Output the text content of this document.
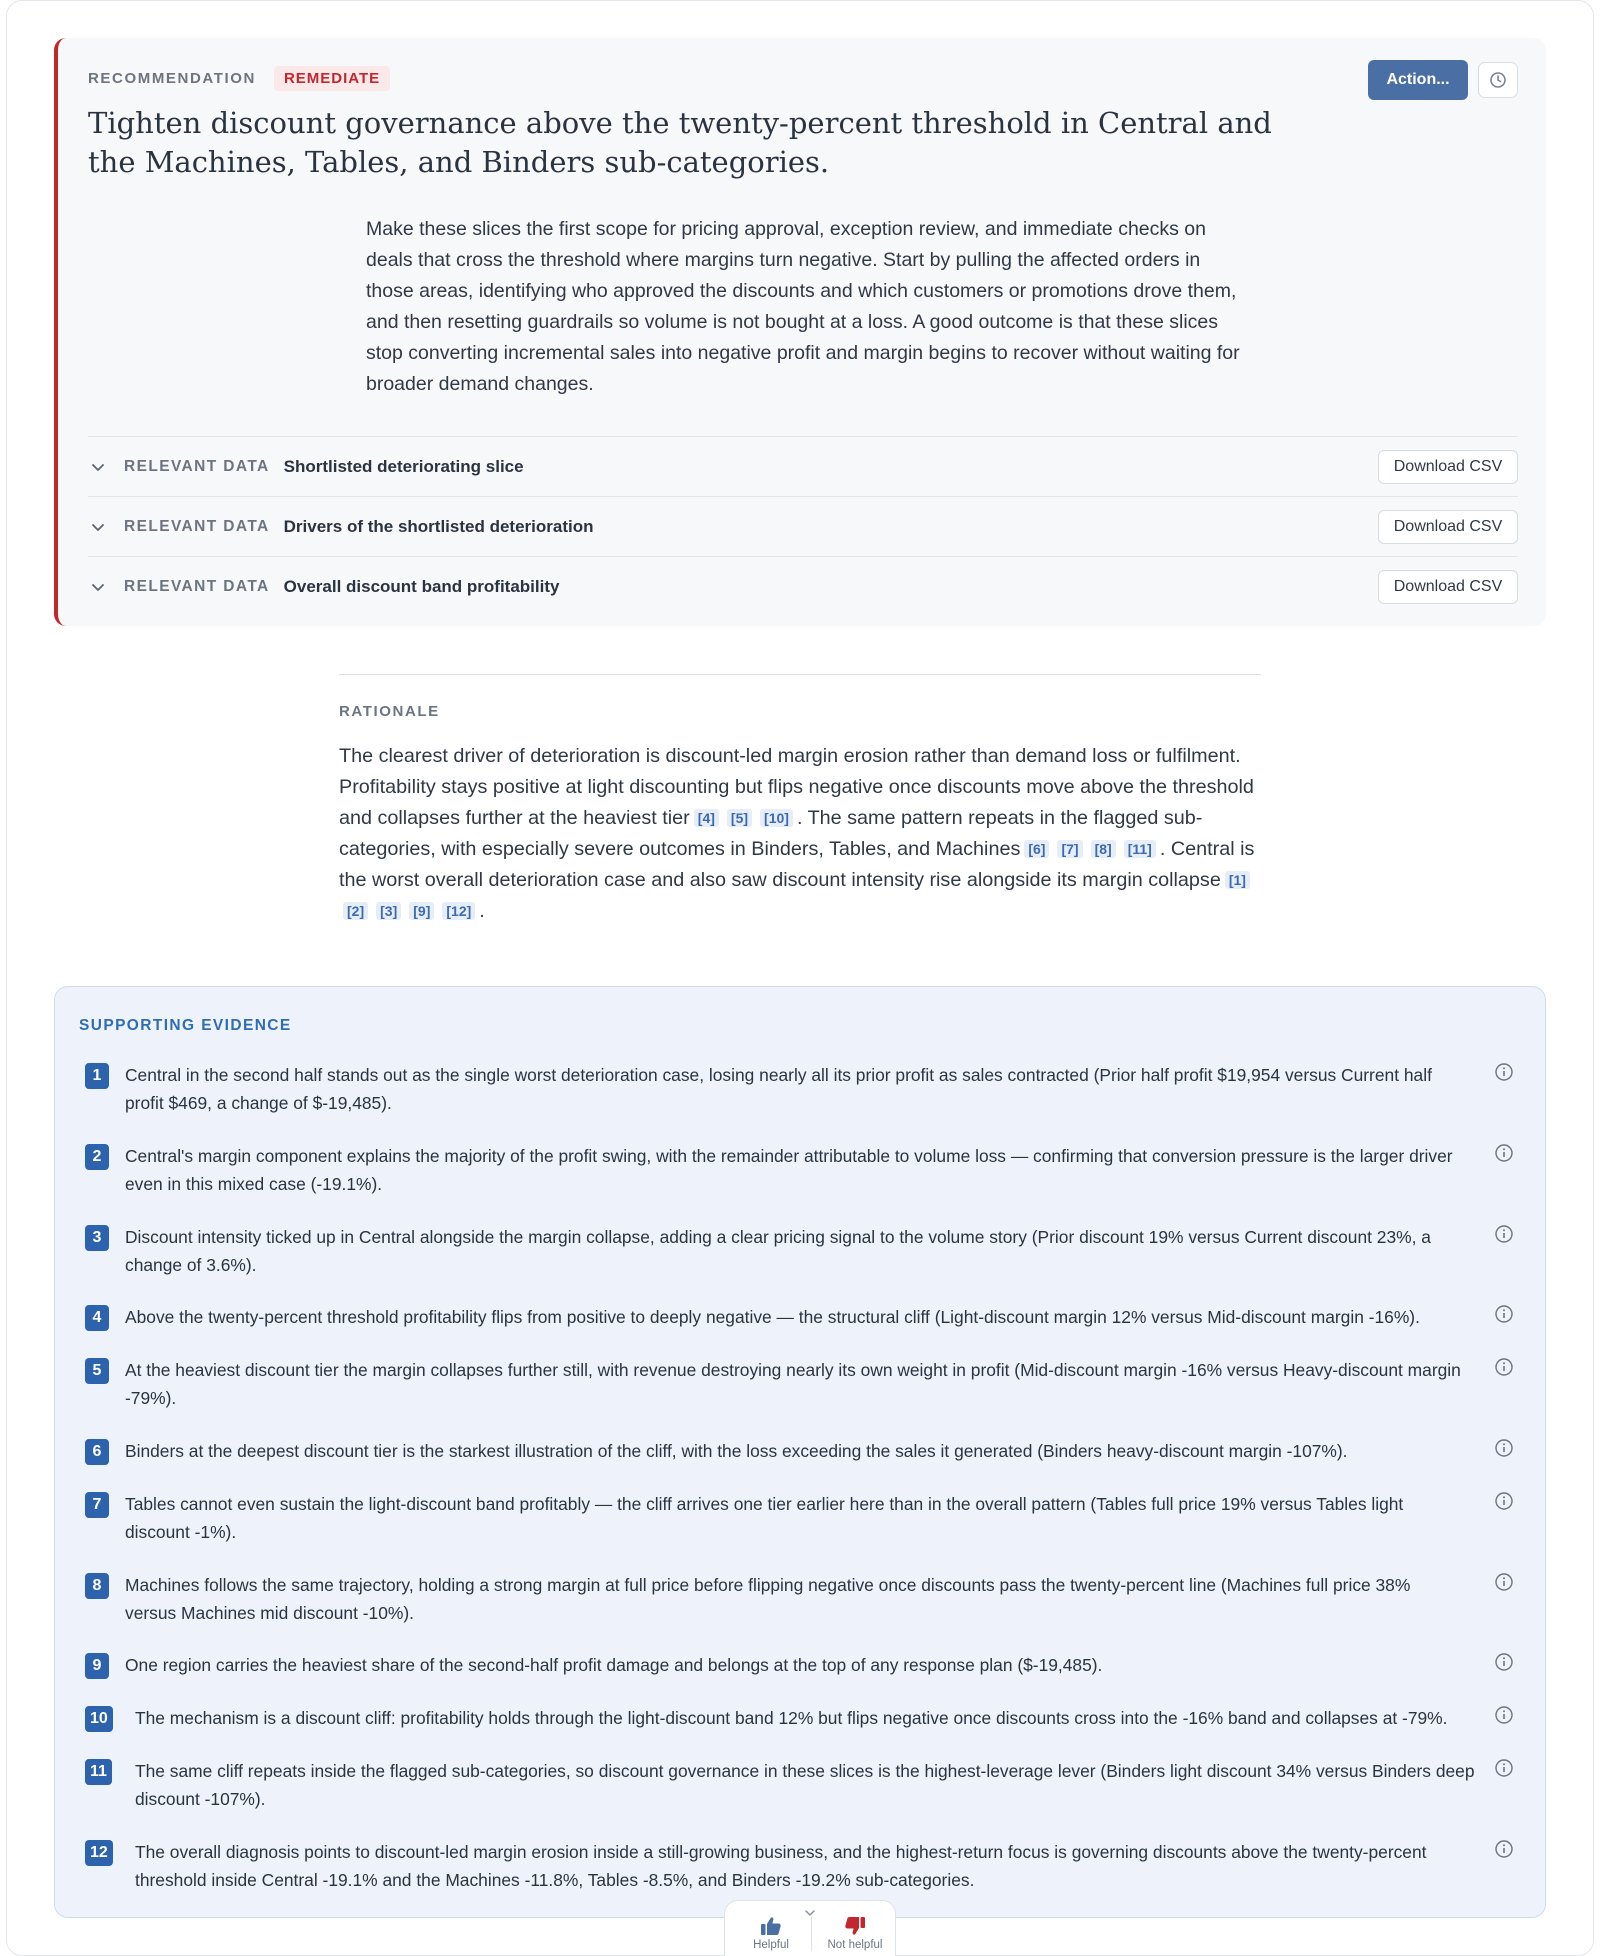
RECOMMENDATION	REMEDIATE	Action...
Tighten discount governance above the twenty-percent threshold in Central and the Machines, Tables, and Binders sub-categories.

Make these slices the first scope for pricing approval, exception review, and immediate checks on deals that cross the threshold where margins turn negative. Start by pulling the affected orders in those areas, identifying who approved the discounts and which customers or promotions drove them, and then resetting guardrails so volume is not bought at a loss. A good outcome is that these slices stop converting incremental sales into negative profit and margin begins to recover without waiting for broader demand changes.

RELEVANT DATA Shortlisted deteriorating slice	Download CSV
RELEVANT DATA Drivers of the shortlisted deterioration	Download CSV
RELEVANT DATA Overall discount band profitability	Download CSV
RATIONALE

The clearest driver of deterioration is discount-led margin erosion rather than demand loss or fulfilment. Profitability stays positive at light discounting but flips negative once discounts move above the threshold and collapses further at the heaviest tier [4] [5] [10] . The same pattern repeats in the flagged sub-categories, with especially severe outcomes in Binders, Tables, and Machines [6] [7] [8] [11] . Central is the worst overall deterioration case and also saw discount intensity rise alongside its margin collapse [1][2] [3] [9] [12] .

SUPPORTING EVIDENCE
1	Central in the second half stands out as the single worst deterioration case, losing nearly all its prior profit as sales contracted (Prior half profit $19,954 versus Current half profit $469, a change of $-19,485).
2	Central's margin component explains the majority of the profit swing, with the remainder attributable to volume loss — confirming that conversion pressure is the larger driver even in this mixed case (-19.1%).
3	Discount intensity ticked up in Central alongside the margin collapse, adding a clear pricing signal to the volume story (Prior discount 19% versus Current discount 23%, a change of 3.6%).
4	Above the twenty-percent threshold profitability flips from positive to deeply negative — the structural cliff (Light-discount margin 12% versus Mid-discount margin -16%).
5	At the heaviest discount tier the margin collapses further still, with revenue destroying nearly its own weight in profit (Mid-discount margin -16% versus Heavy-discount margin -79%).
6	Binders at the deepest discount tier is the starkest illustration of the cliff, with the loss exceeding the sales it generated (Binders heavy-discount margin -107%).
7	Tables cannot even sustain the light-discount band profitably — the cliff arrives one tier earlier here than in the overall pattern (Tables full price 19% versus Tables light discount -1%).
8	Machines follows the same trajectory, holding a strong margin at full price before flipping negative once discounts pass the twenty-percent line (Machines full price 38% versus Machines mid discount -10%).
9	One region carries the heaviest share of the second-half profit damage and belongs at the top of any response plan ($-19,485).
10 The mechanism is a discount cliff: profitability holds through the light-discount band 12% but flips negative once discounts cross into the -16% band and collapses at -79%.
11 The same cliff repeats inside the flagged sub-categories, so discount governance in these slices is the highest-leverage lever (Binders light discount 34% versus Binders deep discount -107%).
12 The overall diagnosis points to discount-led margin erosion inside a still-growing business, and the highest-return focus is governing discounts above the twenty-percent threshold inside Central -19.1% and the Machines -11.8%, Tables -8.5%, and Binders -19.2% sub-categories.
Helpful	Not helpful
